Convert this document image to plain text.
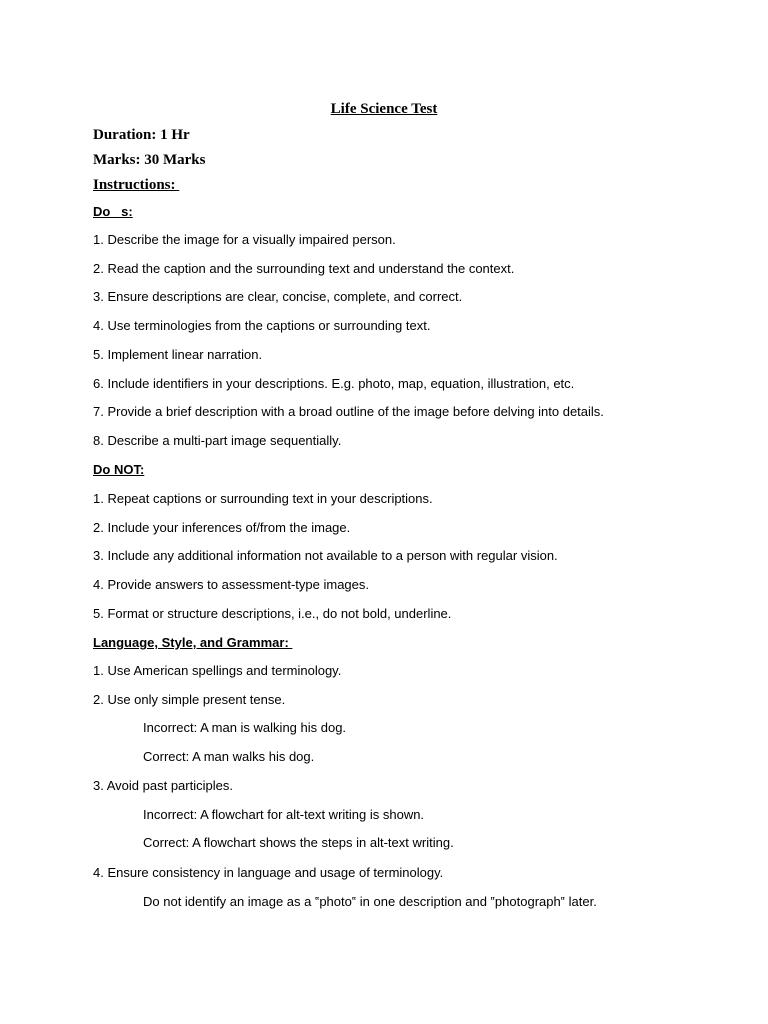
Life Science Test
Duration: 1 Hr
Marks: 30 Marks
Instructions:
Do   s:
1. Describe the image for a visually impaired person.
2. Read the caption and the surrounding text and understand the context.
3. Ensure descriptions are clear, concise, complete, and correct.
4. Use terminologies from the captions or surrounding text.
5. Implement linear narration.
6. Include identifiers in your descriptions. E.g. photo, map, equation, illustration, etc.
7. Provide a brief description with a broad outline of the image before delving into details.
8. Describe a multi-part image sequentially.
Do NOT:
1. Repeat captions or surrounding text in your descriptions.
2. Include your inferences of/from the image.
3. Include any additional information not available to a person with regular vision.
4. Provide answers to assessment-type images.
5. Format or structure descriptions, i.e., do not bold, underline.
Language, Style, and Grammar:
1. Use American spellings and terminology.
2. Use only simple present tense.
Incorrect: A man is walking his dog.
Correct: A man walks his dog.
3. Avoid past participles.
Incorrect: A flowchart for alt-text writing is shown.
Correct: A flowchart shows the steps in alt-text writing.
4. Ensure consistency in language and usage of terminology.
Do not identify an image as a ‟photo‟ in one description and ‟photograph‟ later.
